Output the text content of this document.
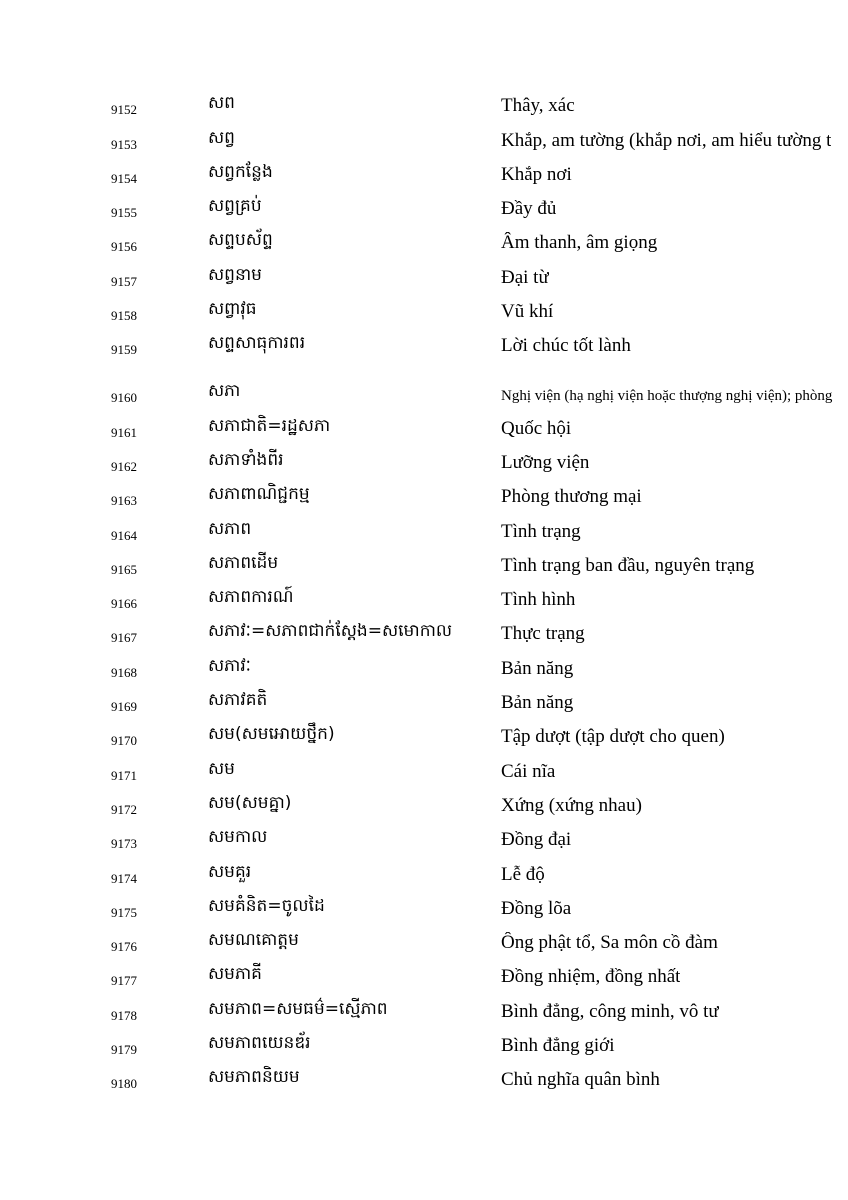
9152	សព	Thây, xác
9153	សព្វ	Khắp, am tường (khắp nơi, am hiểu tường t
9154	សព្វកន្លែង	Khắp nơi
9155	សព្វគ្រប់	Đầy đủ
9156	សព្ទបស័ព្ទ	Âm thanh, âm giọng
9157	សព្វនាម	Đại từ
9158	សព្វាវុធ	Vũ khí
9159	សព្ទសាធុការពរ	Lời chúc tốt lành
9160	សភា	Nghị viện (hạ nghị viện hoặc thượng nghị viện); phòng
9161	សភាជាតិ=រដ្ឋសភា	Quốc hội
9162	សភាទាំងពីរ	Lưỡng viện
9163	សភាពាណិជ្ជកម្ម	Phòng thương mại
9164	សភាព	Tình trạng
9165	សភាពដើម	Tình trạng ban đầu, nguyên trạng
9166	សភាពការណ៍	Tình hình
9167	សភាវៈ=សភាពជាក់ស្តែង=សមោកាល	Thực trạng
9168	សភាវៈ	Bản năng
9169	សភាវគតិ	Bản năng
9170	សម(សមអោយថ្នឹក)	Tập dượt (tập dượt cho quen)
9171	សម	Cái nĩa
9172	សម(សមគ្នា)	Xứng (xứng nhau)
9173	សមកាល	Đồng đại
9174	សមគួរ	Lễ độ
9175	សមគំនិត=ចូលដៃ	Đồng lõa
9176	សមណគោត្តម	Ông phật tổ, Sa môn cồ đàm
9177	សមភាគី	Đồng nhiệm, đồng nhất
9178	សមភាព=សមធម៌=ស្មើភាព	Bình đẳng, công minh, vô tư
9179	សមភាពយេនឌ័រ	Bình đẳng giới
9180	សមភាពនិយម	Chủ nghĩa quân bình
